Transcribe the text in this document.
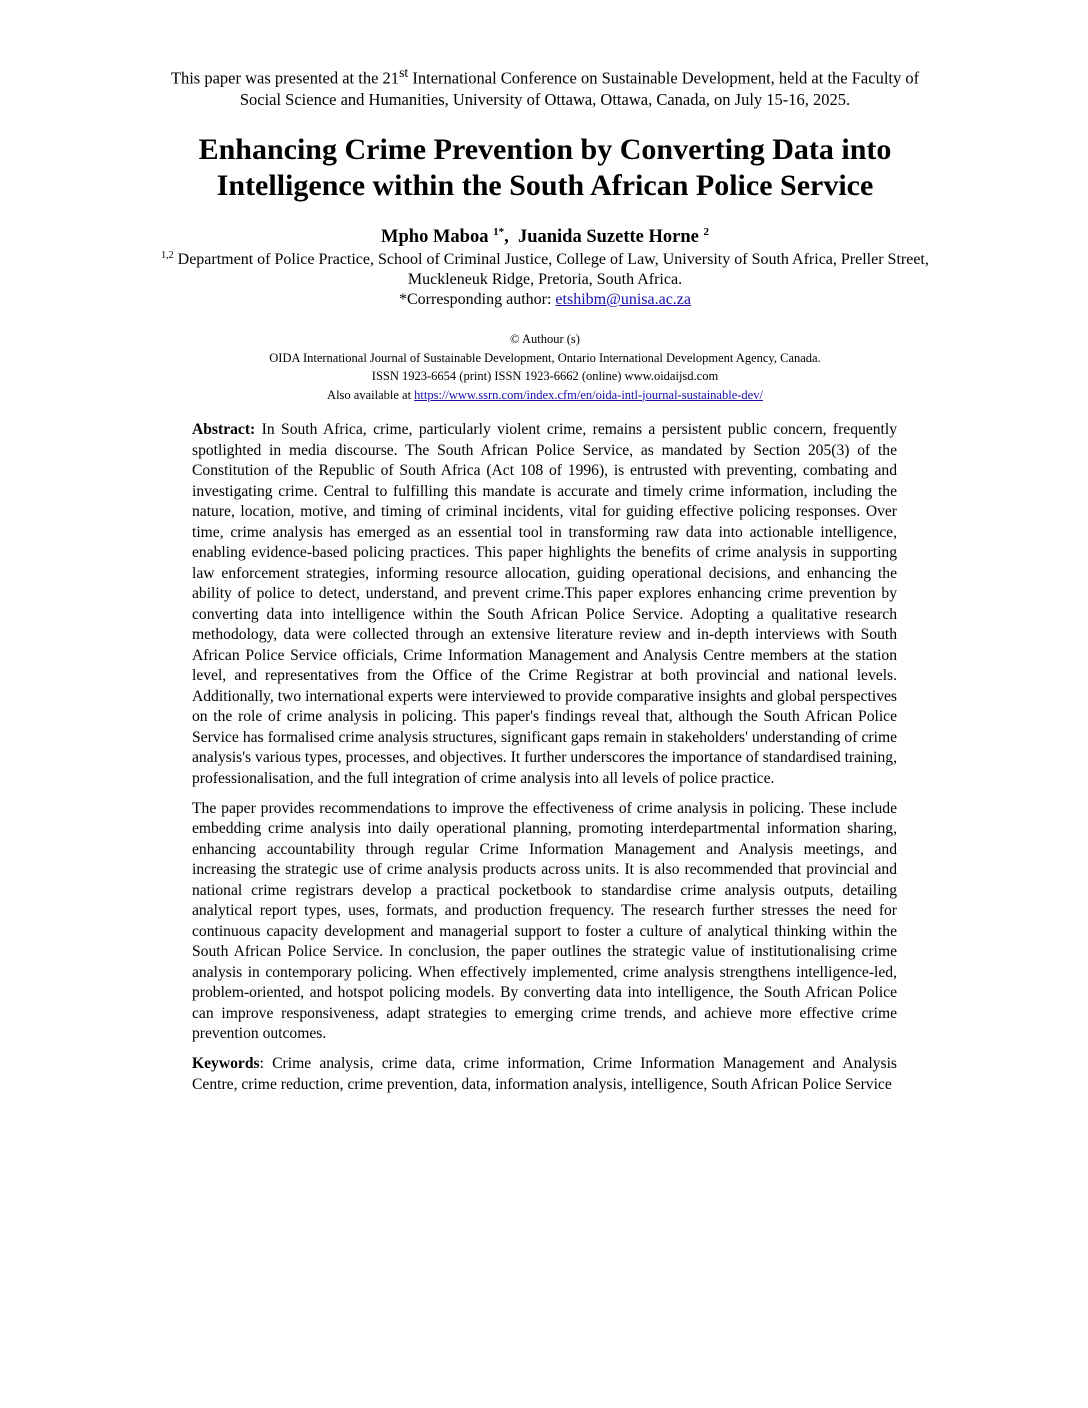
This paper was presented at the 21st International Conference on Sustainable Development, held at the Faculty of Social Science and Humanities, University of Ottawa, Ottawa, Canada, on July 15-16, 2025.
Enhancing Crime Prevention by Converting Data into Intelligence within the South African Police Service
Mpho Maboa $^{1*}$,  Juanida Suzette Horne $^2$
$^{1,2}$ Department of Police Practice, School of Criminal Justice, College of Law, University of South Africa, Preller Street, Muckleneuk Ridge, Pretoria, South Africa.
*Corresponding author: etshibm@unisa.ac.za
© Authour (s)
OIDA International Journal of Sustainable Development, Ontario International Development Agency, Canada.
ISSN 1923-6654 (print) ISSN 1923-6662 (online) www.oidaijsd.com
Also available at https://www.ssrn.com/index.cfm/en/oida-intl-journal-sustainable-dev/

Abstract: In South Africa, crime, particularly violent crime, remains a persistent public concern, frequently spotlighted in media discourse. The South African Police Service, as mandated by Section 205(3) of the Constitution of the Republic of South Africa (Act 108 of 1996), is entrusted with preventing, combating and investigating crime. Central to fulfilling this mandate is accurate and timely crime information, including the nature, location, motive, and timing of criminal incidents, vital for guiding effective policing responses. Over time, crime analysis has emerged as an essential tool in transforming raw data into actionable intelligence, enabling evidence-based policing practices. This paper highlights the benefits of crime analysis in supporting law enforcement strategies, informing resource allocation, guiding operational decisions, and enhancing the ability of police to detect, understand, and prevent crime.This paper explores enhancing crime prevention by converting data into intelligence within the South African Police Service. Adopting a qualitative research methodology, data were collected through an extensive literature review and in-depth interviews with South African Police Service officials, Crime Information Management and Analysis Centre members at the station level, and representatives from the Office of the Crime Registrar at both provincial and national levels. Additionally, two international experts were interviewed to provide comparative insights and global perspectives on the role of crime analysis in policing. This paper's findings reveal that, although the South African Police Service has formalised crime analysis structures, significant gaps remain in stakeholders' understanding of crime analysis's various types, processes, and objectives. It further underscores the importance of standardised training, professionalisation, and the full integration of crime analysis into all levels of police practice.

The paper provides recommendations to improve the effectiveness of crime analysis in policing. These include embedding crime analysis into daily operational planning, promoting interdepartmental information sharing, enhancing accountability through regular Crime Information Management and Analysis meetings, and increasing the strategic use of crime analysis products across units. It is also recommended that provincial and national crime registrars develop a practical pocketbook to standardise crime analysis outputs, detailing analytical report types, uses, formats, and production frequency. The research further stresses the need for continuous capacity development and managerial support to foster a culture of analytical thinking within the South African Police Service. In conclusion, the paper outlines the strategic value of institutionalising crime analysis in contemporary policing. When effectively implemented, crime analysis strengthens intelligence-led, problem-oriented, and hotspot policing models. By converting data into intelligence, the South African Police can improve responsiveness, adapt strategies to emerging crime trends, and achieve more effective crime prevention outcomes.

Keywords: Crime analysis, crime data, crime information, Crime Information Management and Analysis Centre, crime reduction, crime prevention, data, information analysis, intelligence, South African Police Service
